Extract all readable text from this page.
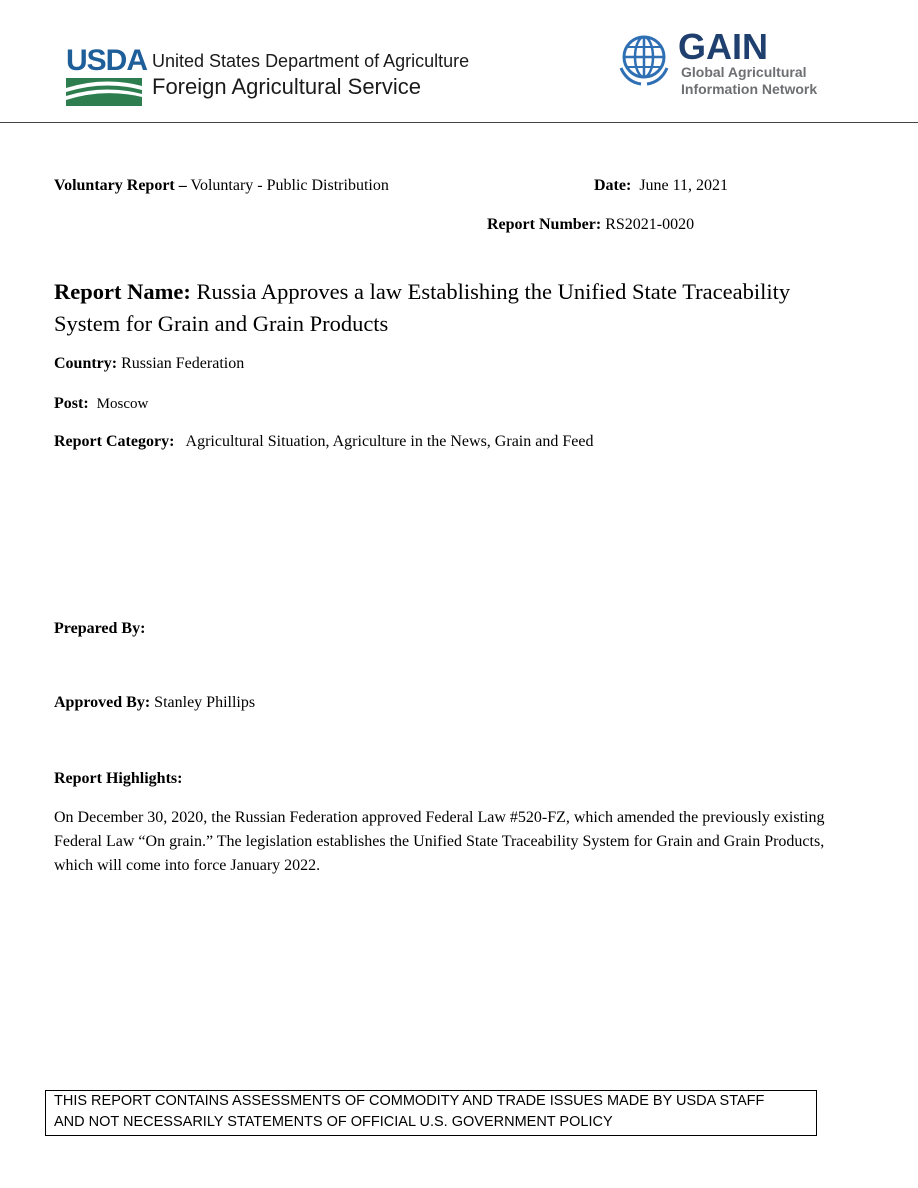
USDA United States Department of Agriculture
Foreign Agricultural Service
GAIN
Global Agricultural
Information Network
Voluntary Report – Voluntary - Public Distribution	Date: June 11, 2021
Report Number: RS2021-0020
Report Name: Russia Approves a law Establishing the Unified State Traceability System for Grain and Grain Products
Country: Russian Federation
Post: Moscow
Report Category: Agricultural Situation, Agriculture in the News, Grain and Feed
Prepared By:
Approved By: Stanley Phillips
Report Highlights:
On December 30, 2020, the Russian Federation approved Federal Law #520-FZ, which amended the previously existing Federal Law “On grain.” The legislation establishes the Unified State Traceability System for Grain and Grain Products, which will come into force January 2022.
THIS REPORT CONTAINS ASSESSMENTS OF COMMODITY AND TRADE ISSUES MADE BY USDA STAFF
AND NOT NECESSARILY STATEMENTS OF OFFICIAL U.S. GOVERNMENT POLICY
